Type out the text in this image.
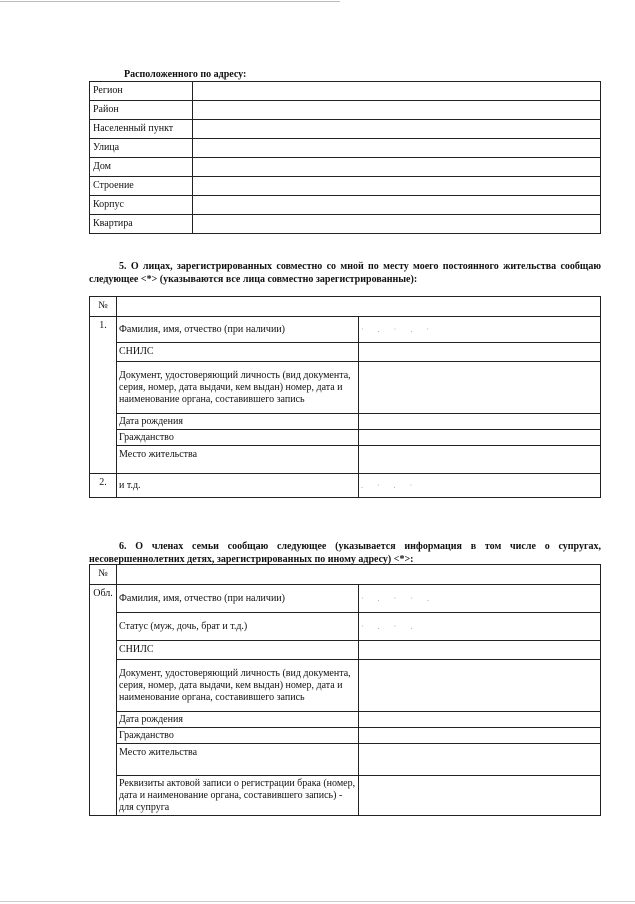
Расположенного по адресу:
Регион	
Район	
Населенный пункт	
Улица	
Дом	
Строение	
Корпус	
Квартира	
5. О лицах, зарегистрированных совместно со мной по месту моего постоянного жительства сообщаю следующее <*> (указываются все лица совместно зарегистрированные):
№		
1.	Фамилия, имя, отчество (при наличии)	· . · . ·

	СНИЛС	
	Документ, удостоверяющий личность (вид документа, серия, номер, дата выдачи, кем выдан) номер, дата и наименование органа, составившего запись	
	Дата рождения	
	Гражданство	
	Место жительства	
2.	и т.д.	. · . ·
6. О членах семьи сообщаю следующее (указывается информация в том числе о супругах, несовершеннолетних детях, зарегистрированных по иному адресу) <*>:
№		
Обл.	Фамилия, имя, отчество (при наличии)	· . · · .

	Статус (муж, дочь, брат и т.д.)	· . · .

	СНИЛС	
	Документ, удостоверяющий личность (вид документа, серия, номер, дата выдачи, кем выдан) номер, дата и наименование органа, составившего запись	
	Дата рождения	
	Гражданство	
	Место жительства	
	Реквизиты актовой записи о регистрации брака (номер, дата и наименование органа, составившего запись) - для супруга	
